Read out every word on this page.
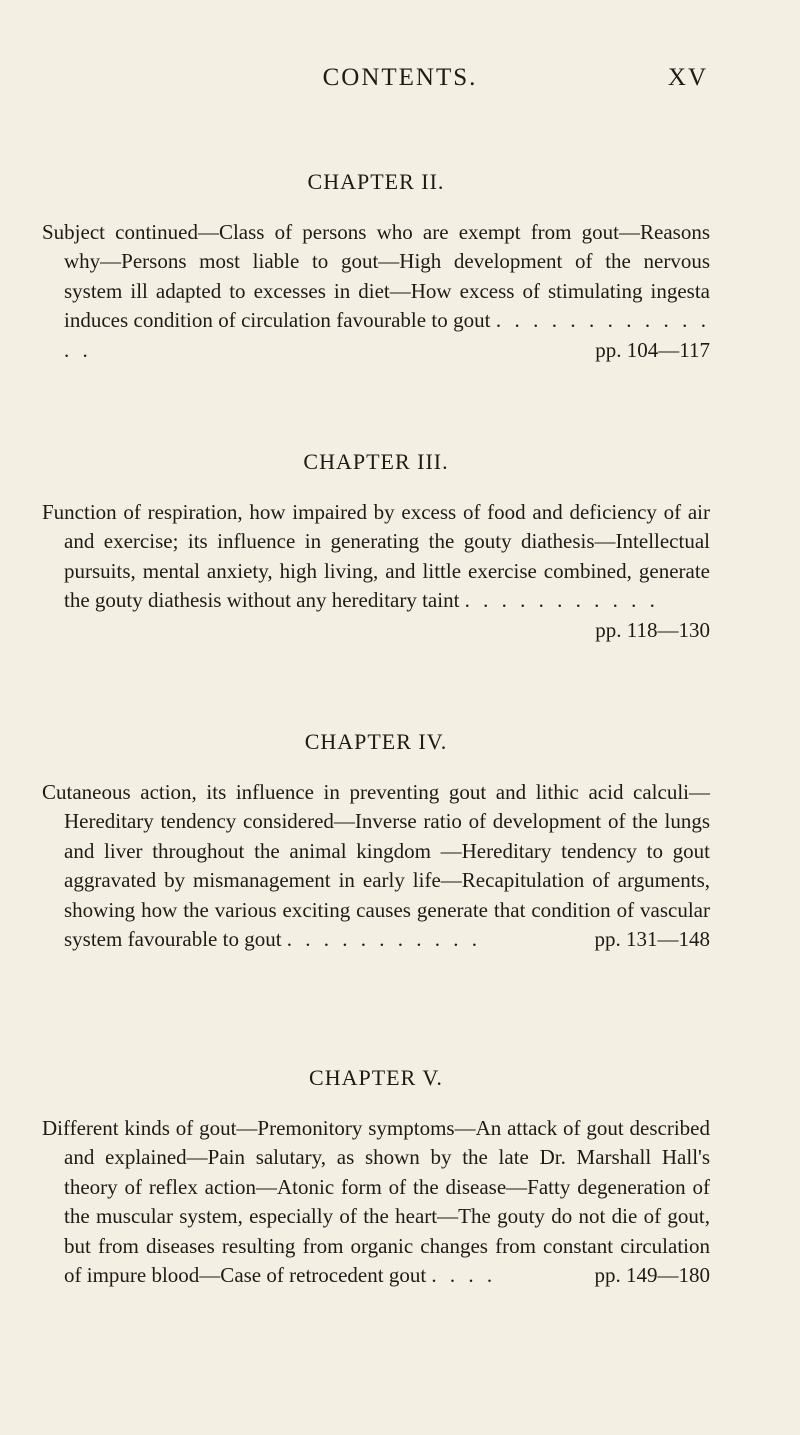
CONTENTS.	XV
CHAPTER II.

Subject continued—Class of persons who are exempt from gout—Reasons why—Persons most liable to gout—High development of the nervous system ill adapted to excesses in diet—How excess of stimulating ingesta induces condition of circulation favourable to gout . . . . . . . . . . . . . .	pp. 104—117

CHAPTER III.

Function of respiration, how impaired by excess of food and deficiency of air and exercise; its influence in generating the gouty diathesis—Intellectual pursuits, mental anxiety, high living, and little exercise combined, generate the gouty diathesis without any hereditary taint . . . . . . . . . . .
pp. 118—130

CHAPTER IV.

Cutaneous action, its influence in preventing gout and lithic acid calculi—Hereditary tendency considered—Inverse ratio of development of the lungs and liver throughout the animal kingdom —Hereditary tendency to gout aggravated by mismanagement in early life—Recapitulation of arguments, showing how the various exciting causes generate that condition of vascular system favourable to gout . . . . . . . . . . .	pp. 131—148

CHAPTER V.

Different kinds of gout—Premonitory symptoms—An attack of gout described and explained—Pain salutary, as shown by the late Dr. Marshall Hall's theory of reflex action—Atonic form of the disease—Fatty degeneration of the muscular system, especially of the heart—The gouty do not die of gout, but from diseases resulting from organic changes from constant circulation of impure blood—Case of retrocedent gout . . . .	pp. 149—180
